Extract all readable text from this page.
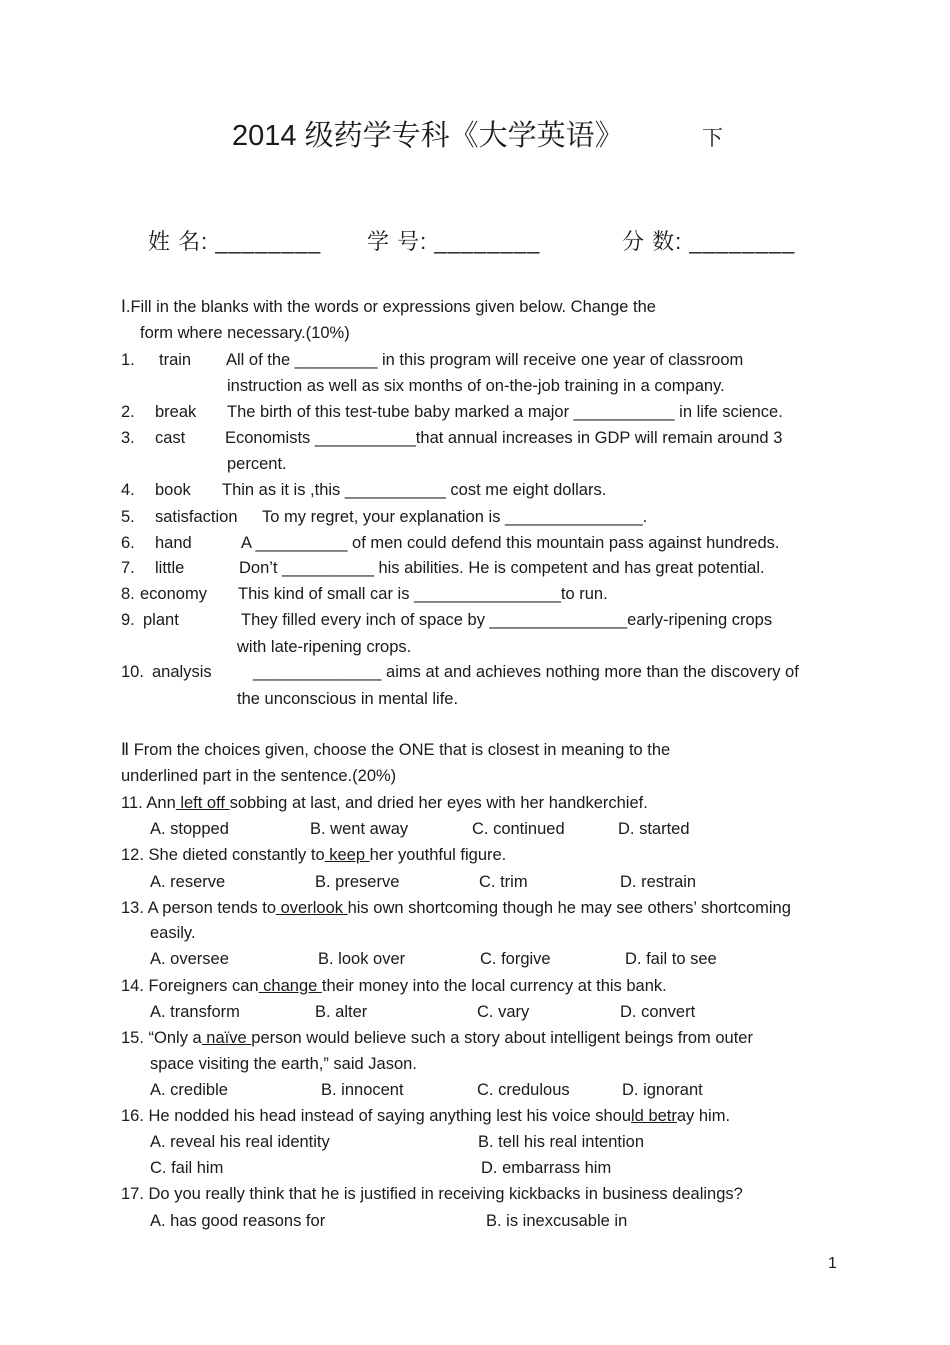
2014 级药学专科《大学英语》	下
姓 名: ________ 学 号: ________	分 数: ________
Ⅰ.Fill in the blanks with the words or expressions given below. Change the
form where necessary.(10%)
1. train All of the _________ in this program will receive one year of classroom
instruction as well as six months of on-the-job training in a company.
2. break The birth of this test-tube baby marked a major ___________ in life science.
3. cast Economists ___________that annual increases in GDP will remain around 3
percent.
4. book Thin as it is ,this ___________ cost me eight dollars.
5. satisfaction To my regret, your explanation is _______________.
6. hand	A __________ of men could defend this mountain pass against hundreds.
7. little	Don’t __________ his abilities. He is competent and has great potential.
8. economy This kind of small car is ________________to run.
9. plant	They filled every inch of space by _______________early-ripening crops
with late-ripening crops.
10. analysis	______________ aims at and achieves nothing more than the discovery of
the unconscious in mental life.
Ⅱ From the choices given, choose the ONE that is closest in meaning to the
underlined part in the sentence.(20%)
11. Ann left off sobbing at last, and dried her eyes with her handkerchief.
A. stopped	B. went away	C. continued	D. started
12. She dieted constantly to keep her youthful figure.
A. reserve	B. preserve	C. trim	D. restrain
13. A person tends to overlook his own shortcoming though he may see others’ shortcoming
easily.
A. oversee	B. look over	C. forgive	D. fail to see
14. Foreigners can change their money into the local currency at this bank.
A. transform	B. alter	C. vary	D. convert
15. “Only a naïve person would believe such a story about intelligent beings from outer
space visiting the earth,” said Jason.
A. credible	B. innocent	C. credulous	D. ignorant
16. He nodded his head instead of saying anything lest his voice should betray him.
A. reveal his real identity	B. tell his real intention
C. fail him	D. embarrass him
17. Do you really think that he is justified in receiving kickbacks in business dealings?
A. has good reasons for	B. is inexcusable in
1
